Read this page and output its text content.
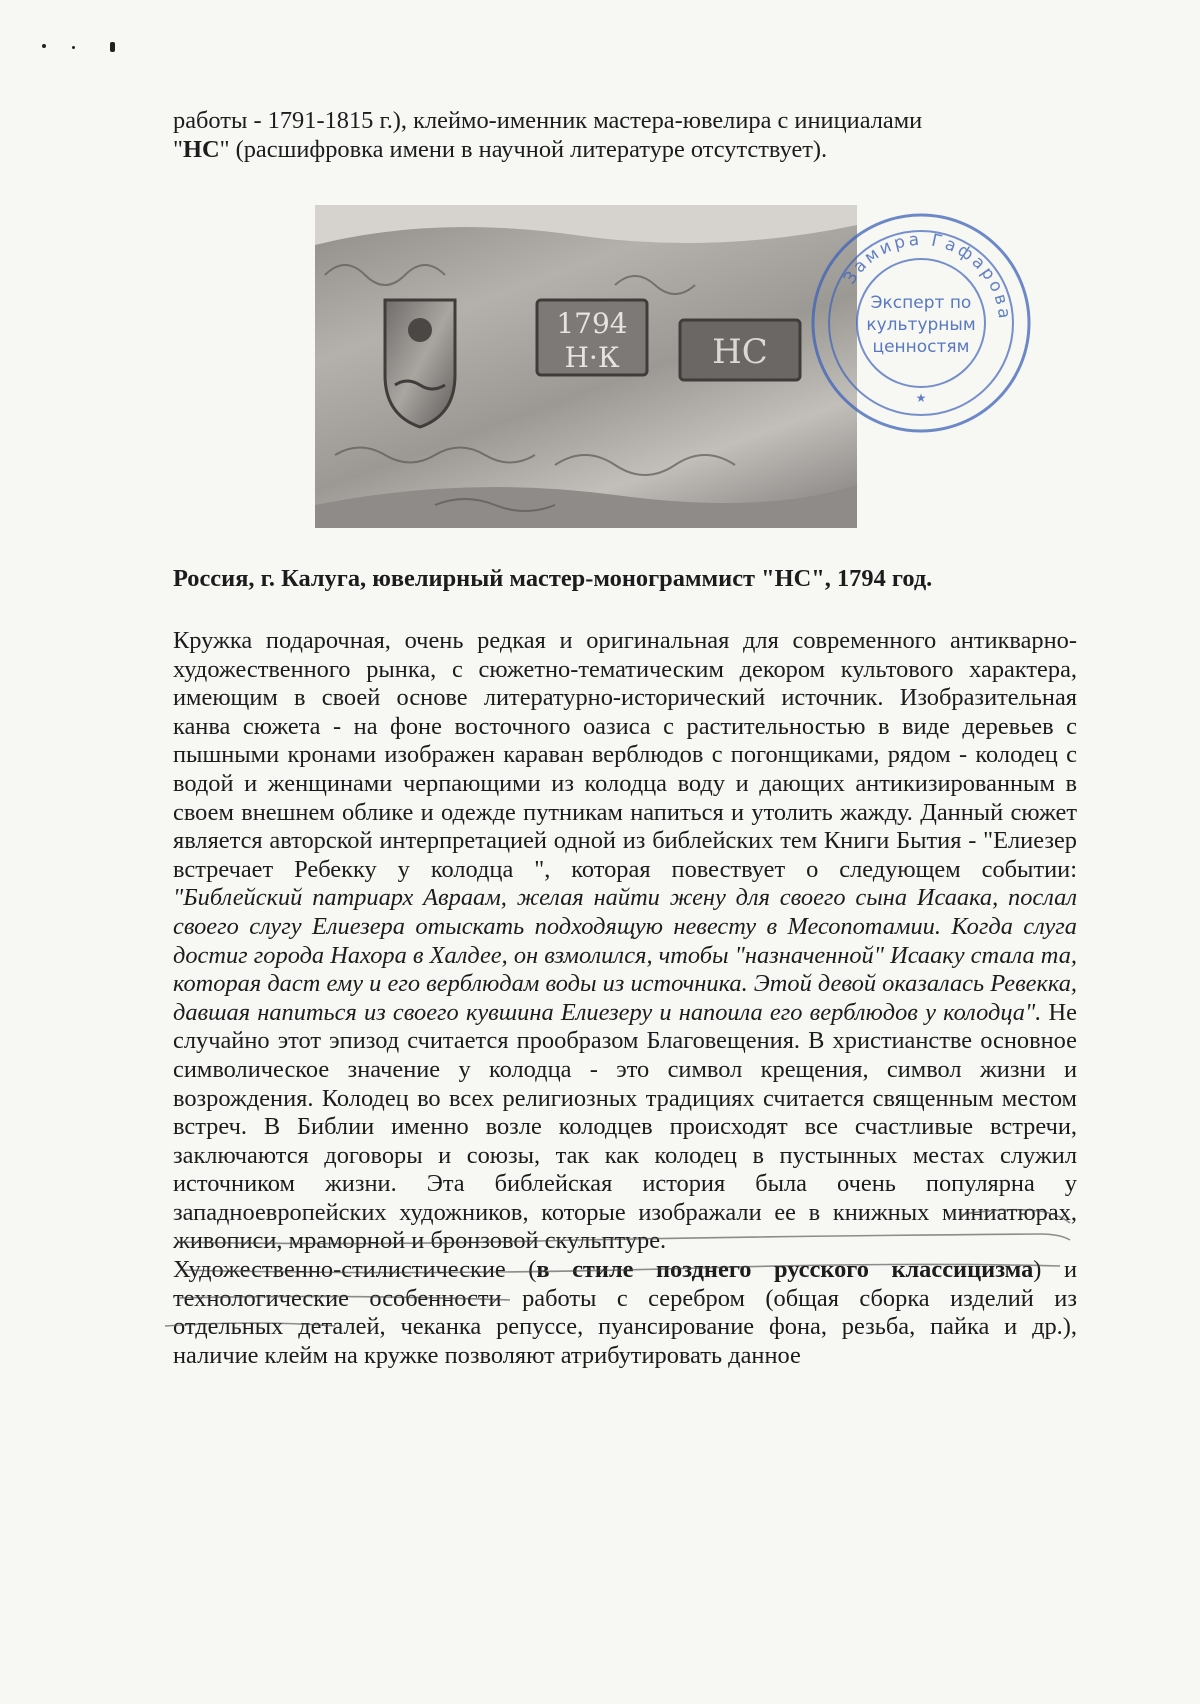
работы - 1791-1815 г.), клеймо-именник мастера-ювелира с инициалами
"НС" (расшифровка имени в научной литературе отсутствует).

1794
Н·К	НС
Замира Гафарова
Эксперт по
культурным
ценностям
★
Россия, г. Калуга, ювелирный мастер-монограммист "НС", 1794 год.

Кружка подарочная, очень редкая и оригинальная для современного антикварно-художественного рынка, с сюжетно-тематическим декором культового характера, имеющим в своей основе литературно-исторический источник. Изобразительная канва сюжета - на фоне восточного оазиса с растительностью в виде деревьев с пышными кронами изображен караван верблюдов с погонщиками, рядом - колодец с водой и женщинами черпающими из колодца воду и дающих антикизированным в своем внешнем облике и одежде путникам напиться и утолить жажду. Данный сюжет является авторской интерпретацией одной из библейских тем Книги Бытия - "Елиезер встречает Ребекку у колодца ", которая повествует о следующем событии: "Библейский патриарх Авраам, желая найти жену для своего сына Исаака, послал своего слугу Елиезера отыскать подходящую невесту в Месопотамии. Когда слуга достиг города Нахора в Халдее, он взмолился, чтобы "назначенной" Исааку стала та, которая даст ему и его верблюдам воды из источника. Этой девой оказалась Ревекка, давшая напиться из своего кувшина Елиезеру и напоила его верблюдов у колодца". Не случайно этот эпизод считается прообразом Благовещения. В христианстве основное символическое значение у колодца - это символ крещения, символ жизни и возрождения. Колодец во всех религиозных традициях считается священным местом встреч. В Библии именно возле колодцев происходят все счастливые встречи, заключаются договоры и союзы, так как колодец в пустынных местах служил источником жизни. Эта библейская история была очень популярна у западноевропейских художников, которые изображали ее в книжных миниатюрах, живописи, мраморной и бронзовой скульптуре.

Художественно-стилистические (в стиле позднего русского классицизма) и технологические особенности работы с серебром (общая сборка изделий из отдельных деталей, чеканка репуссе, пуансирование фона, резьба, пайка и др.), наличие клейм на кружке позволяют атрибутировать данное
